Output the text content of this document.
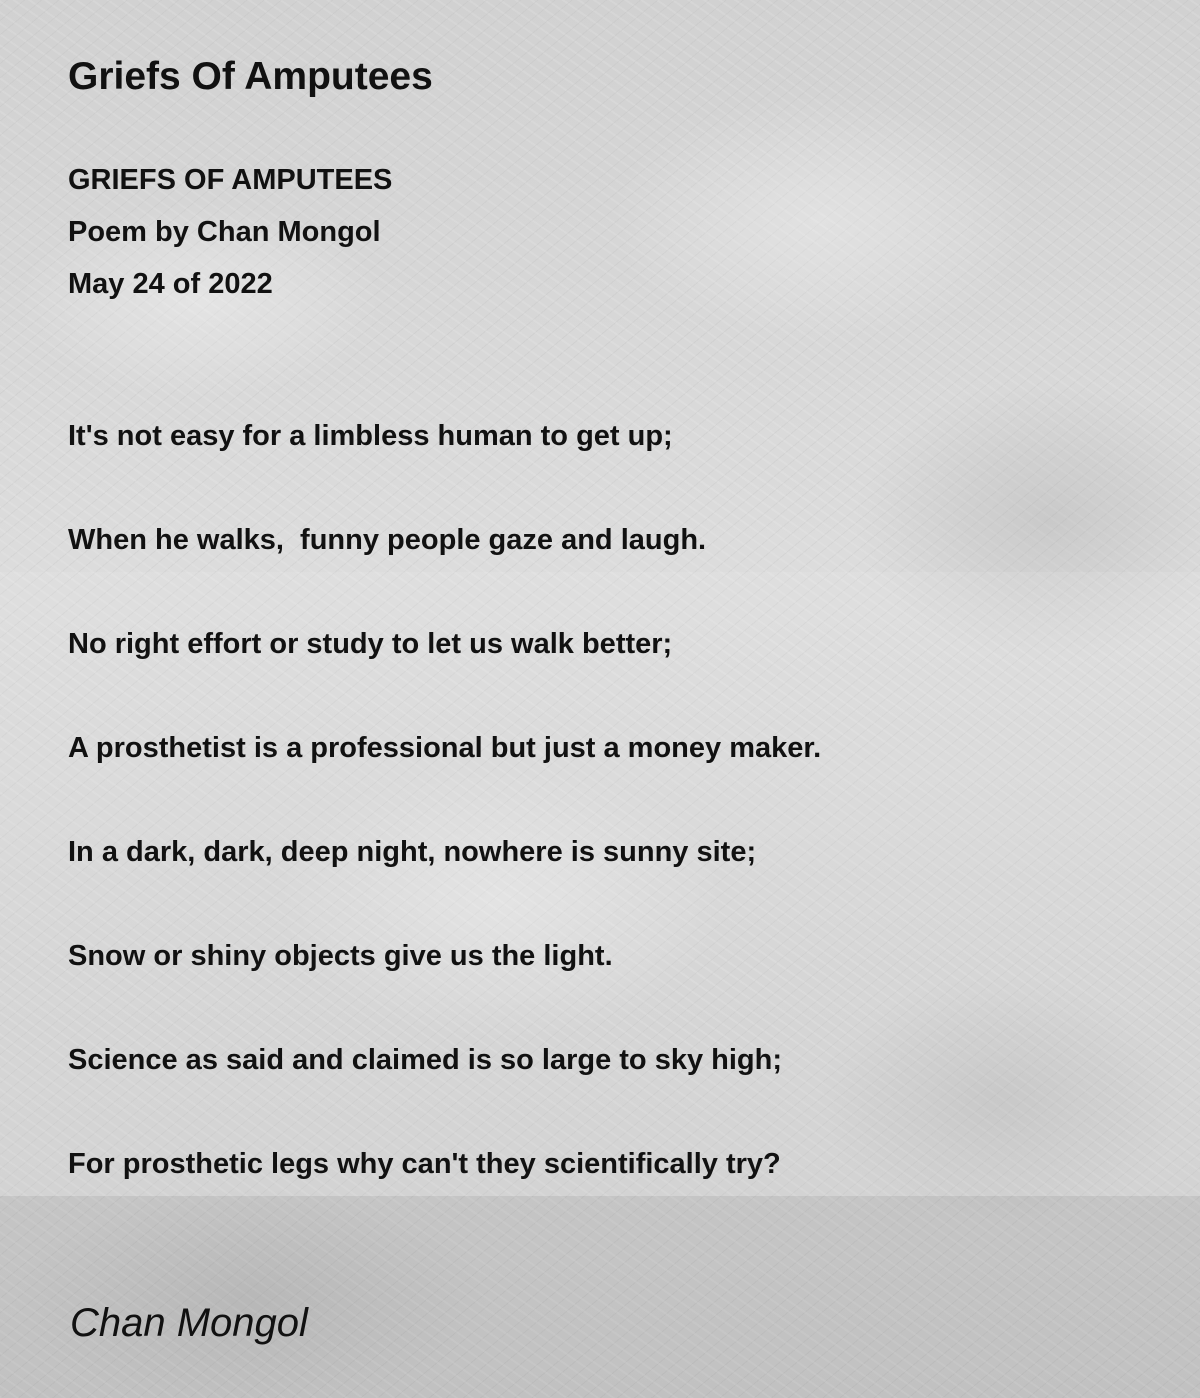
Griefs Of Amputees
GRIEFS OF AMPUTEES
Poem by Chan Mongol
May 24 of 2022
It's not easy for a limbless human to get up;
When he walks,  funny people gaze and laugh.
No right effort or study to let us walk better;
A prosthetist is a professional but just a money maker.
In a dark, dark, deep night, nowhere is sunny site;
Snow or shiny objects give us the light.
Science as said and claimed is so large to sky high;
For prosthetic legs why can't they scientifically try?
Chan Mongol
